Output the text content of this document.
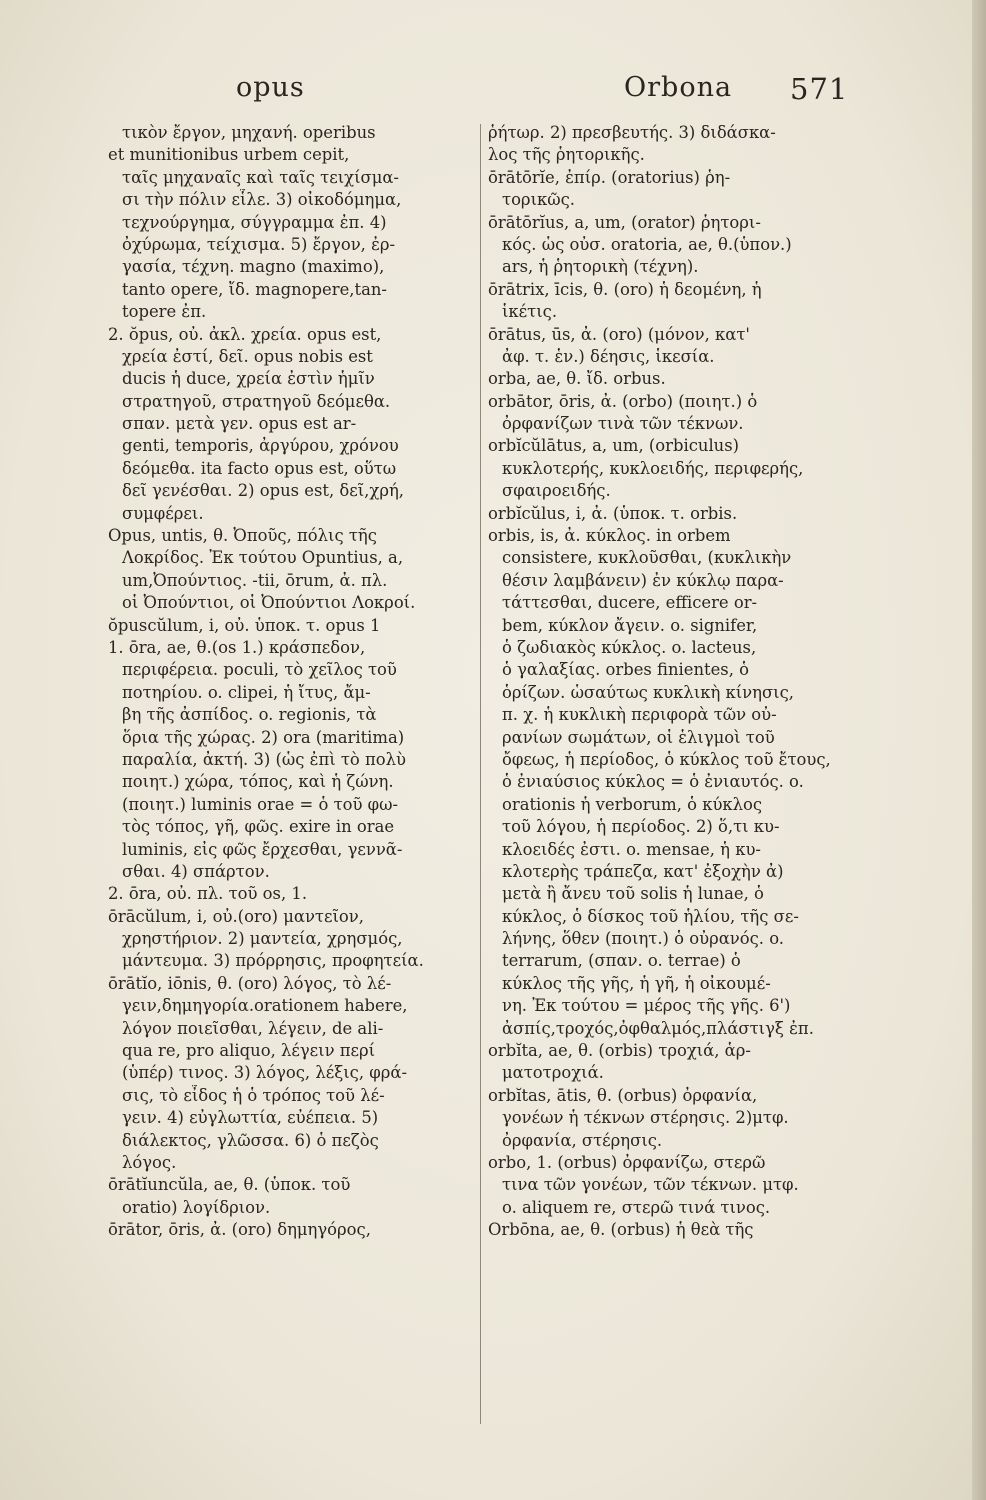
opus	Orbona 571
τικὸν ἔργον, μηχανή. operibus
et munitionibus urbem cepit,
ταῖς μηχαναῖς καὶ ταῖς τειχίσμα-
σι τὴν πόλιν εἷλε. 3) οἰκοδόμημα,
τεχνούργημα, σύγγραμμα ἐπ. 4)
ὀχύρωμα, τείχισμα. 5) ἔργον, ἐρ-
γασία, τέχνη. magno (maximo),
tanto opere, ἴδ. magnopere,tan-
topere ἐπ.
2. ŏpus, οὐ. ἀκλ. χρεία. opus est,
χρεία ἐστί, δεῖ. opus nobis est
ducis ἡ duce, χρεία ἐστὶν ἡμῖν
στρατηγοῦ, στρατηγοῦ δεόμεθα.
σπαν. μετὰ γεν. opus est ar-
genti, temporis, ἀργύρου, χρόνου
δεόμεθα. ita facto opus est, οὕτω
δεῖ γενέσθαι. 2) opus est, δεῖ,χρή,
συμφέρει.
Opus, untis, θ. Ὀποῦς, πόλις τῆς
Λοκρίδος. Ἐκ τούτου Opuntius, a,
um,Ὀπούντιος. -tii, ōrum, ἀ. πλ.
οἱ Ὀπούντιοι, οἱ Ὀπούντιοι Λοκροί.
ŏpuscŭlum, i, οὐ. ὑποκ. τ. opus 1
1. ōra, ae, θ.(os 1.) κράσπεδον,
περιφέρεια. poculi, τὸ χεῖλος τοῦ
ποτηρίου. o. clipei, ἡ ἴτυς, ἄμ-
βη τῆς ἀσπίδος. o. regionis, τὰ
ὅρια τῆς χώρας. 2) ora (maritima)
παραλία, ἀκτή. 3) (ὡς ἐπὶ τὸ πολὺ
ποιητ.) χώρα, τόπος, καὶ ἡ ζώνη.
(ποιητ.) luminis orae = ὁ τοῦ φω-
τὸς τόπος, γῆ, φῶς. exire in orae
luminis, εἰς φῶς ἔρχεσθαι, γεννᾶ-
σθαι. 4) σπάρτον.
2. ōra, οὐ. πλ. τοῦ os, 1.
ōrācŭlum, i, οὐ.(oro) μαντεῖον,
χρηστήριον. 2) μαντεία, χρησμός,
μάντευμα. 3) πρόρρησις, προφητεία.
ōrātĭo, iōnis, θ. (oro) λόγος, τὸ λέ-
γειν,δημηγορία.orationem habere,
λόγον ποιεῖσθαι, λέγειν, de ali-
qua re, pro aliquo, λέγειν περί
(ὑπέρ) τινος. 3) λόγος, λέξις, φρά-
σις, τὸ εἶδος ἡ ὁ τρόπος τοῦ λέ-
γειν. 4) εὐγλωττία, εὐέπεια. 5)
διάλεκτος, γλῶσσα. 6) ὁ πεζὸς
λόγος.
ōrātĭuncŭla, ae, θ. (ὑποκ. τοῦ
oratio) λογίδριον.
ōrātor, ōris, ἀ. (oro) δημηγόρος,
ῥήτωρ. 2) πρεσβευτής. 3) διδάσκα-
λος τῆς ῥητορικῆς.
ōrātōrĭe, ἐπίρ. (oratorius) ῥη-
τορικῶς.
ōrātōrĭus, a, um, (orator) ῥητορι-
κός. ὡς οὐσ. oratoria, ae, θ.(ὑπον.)
ars, ἡ ῥητορικὴ (τέχνη).
ōrātrix, īcis, θ. (oro) ἡ δεομένη, ἡ
ἱκέτις.
ōrātus, ūs, ἀ. (oro) (μόνον, κατ'
ἀφ. τ. ἑν.) δέησις, ἱκεσία.
orba, ae, θ. ἴδ. orbus.
orbātor, ōris, ἀ. (orbo) (ποιητ.) ὁ
ὀρφανίζων τινὰ τῶν τέκνων.
orbĭcŭlātus, a, um, (orbiculus)
κυκλοτερής, κυκλοειδής, περιφερής,
σφαιροειδής.
orbĭcŭlus, i, ἀ. (ὑποκ. τ. orbis.
orbis, is, ἀ. κύκλος. in orbem
consistere, κυκλοῦσθαι, (κυκλικὴν
θέσιν λαμβάνειν) ἐν κύκλῳ παρα-
τάττεσθαι, ducere, efficere or-
bem, κύκλον ἄγειν. o. signifer,
ὁ ζωδιακὸς κύκλος. o. lacteus,
ὁ γαλαξίας. orbes finientes, ὁ
ὁρίζων. ὡσαύτως κυκλικὴ κίνησις,
π. χ. ἡ κυκλικὴ περιφορὰ τῶν οὐ-
ρανίων σωμάτων, οἱ ἑλιγμοὶ τοῦ
ὄφεως, ἡ περίοδος, ὁ κύκλος τοῦ ἔτους,
ὁ ἐνιαύσιος κύκλος = ὁ ἐνιαυτός. o.
orationis ἡ verborum, ὁ κύκλος
τοῦ λόγου, ἡ περίοδος. 2) ὅ,τι κυ-
κλοειδές ἐστι. o. mensae, ἡ κυ-
κλοτερὴς τράπεζα, κατ' ἐξοχὴν ἀ)
μετὰ ἢ ἄνευ τοῦ solis ἡ lunae, ὁ
κύκλος, ὁ δίσκος τοῦ ἡλίου, τῆς σε-
λήνης, ὅθεν (ποιητ.) ὁ οὐρανός. o.
terrarum, (σπαν. o. terrae) ὁ
κύκλος τῆς γῆς, ἡ γῆ, ἡ οἰκουμέ-
νη. Ἐκ τούτου = μέρος τῆς γῆς. 6')
ἀσπίς,τροχός,ὀφθαλμός,πλάστιγξ ἐπ.
orbĭta, ae, θ. (orbis) τροχιά, ἁρ-
ματοτροχιά.
orbĭtas, ātis, θ. (orbus) ὀρφανία,
γονέων ἡ τέκνων στέρησις. 2)μτφ.
ὀρφανία, στέρησις.
orbo, 1. (orbus) ὀρφανίζω, στερῶ
τινα τῶν γονέων, τῶν τέκνων. μτφ.
o. aliquem re, στερῶ τινά τινος.
Orbōna, ae, θ. (orbus) ἡ θεὰ τῆς
